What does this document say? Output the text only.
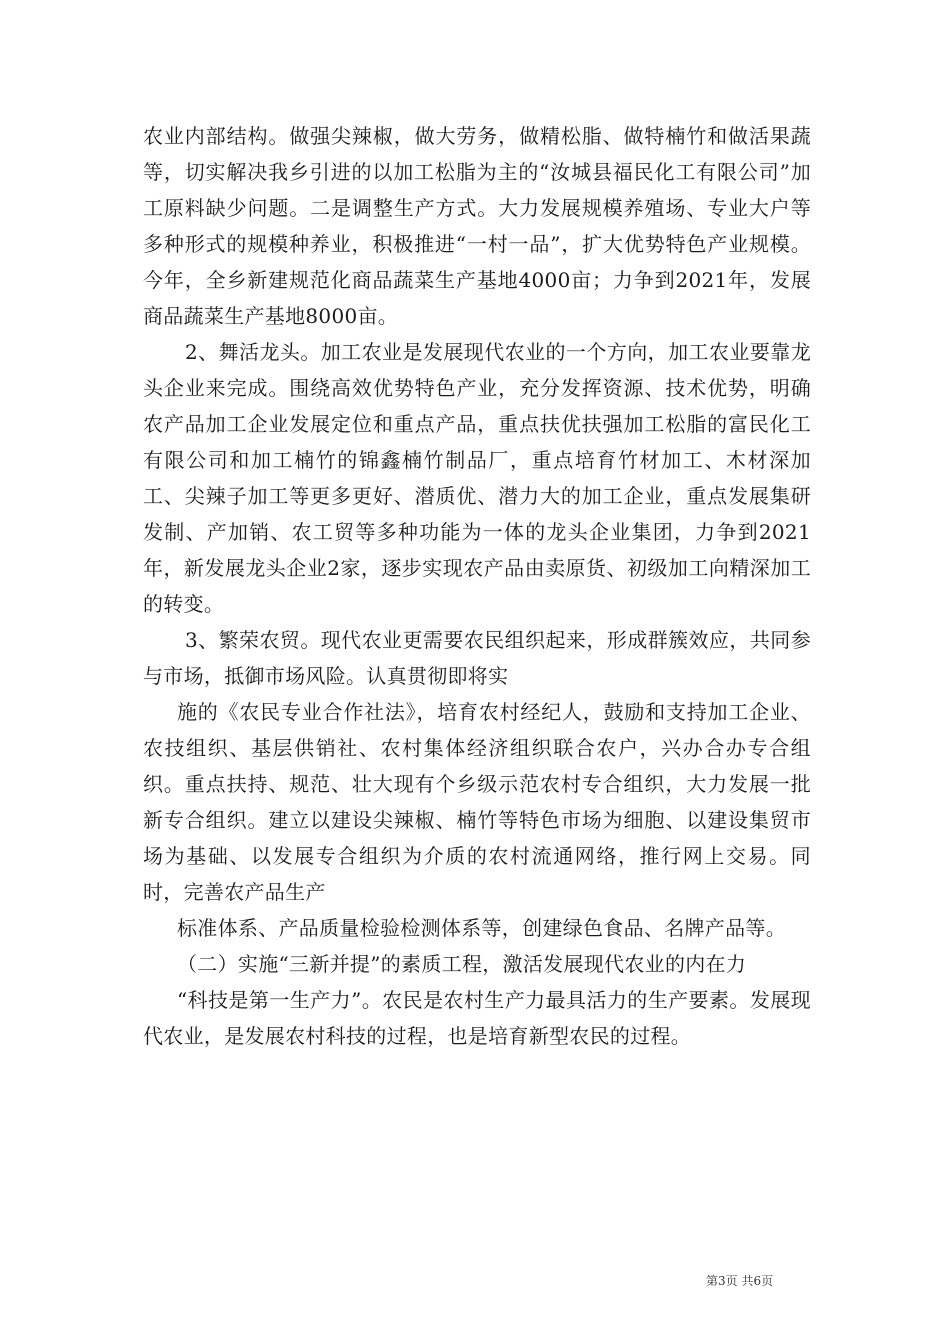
农业内部结构。做强尖辣椒，做大劳务，做精松脂、做特楠竹和做活果蔬等，切实解决我乡引进的以加工松脂为主的“汝城县福民化工有限公司”加工原料缺少问题。二是调整生产方式。大力发展规模养殖场、专业大户等多种形式的规模种养业，积极推进“一村一品”，扩大优势特色产业规模。今年，全乡新建规范化商品蔬菜生产基地4000亩；力争到2021年，发展商品蔬菜生产基地8000亩。

2、舞活龙头。加工农业是发展现代农业的一个方向，加工农业要靠龙头企业来完成。围绕高效优势特色产业，充分发挥资源、技术优势，明确农产品加工企业发展定位和重点产品，重点扶优扶强加工松脂的富民化工有限公司和加工楠竹的锦鑫楠竹制品厂，重点培育竹材加工、木材深加工、尖辣子加工等更多更好、潜质优、潜力大的加工企业，重点发展集研发制、产加销、农工贸等多种功能为一体的龙头企业集团，力争到2021年，新发展龙头企业2家，逐步实现农产品由卖原货、初级加工向精深加工的转变。

3、繁荣农贸。现代农业更需要农民组织起来，形成群簇效应，共同参与市场，抵御市场风险。认真贯彻即将实

施的《农民专业合作社法》，培育农村经纪人，鼓励和支持加工企业、农技组织、基层供销社、农村集体经济组织联合农户，兴办合办专合组织。重点扶持、规范、壮大现有个乡级示范农村专合组织，大力发展一批新专合组织。建立以建设尖辣椒、楠竹等特色市场为细胞、以建设集贸市场为基础、以发展专合组织为介质的农村流通网络，推行网上交易。同时，完善农产品生产

标准体系、产品质量检验检测体系等，创建绿色食品、名牌产品等。

（二）实施“三新并提”的素质工程，激活发展现代农业的内在力

“科技是第一生产力”。农民是农村生产力最具活力的生产要素。发展现代农业，是发展农村科技的过程，也是培育新型农民的过程。

第3页 共6页
